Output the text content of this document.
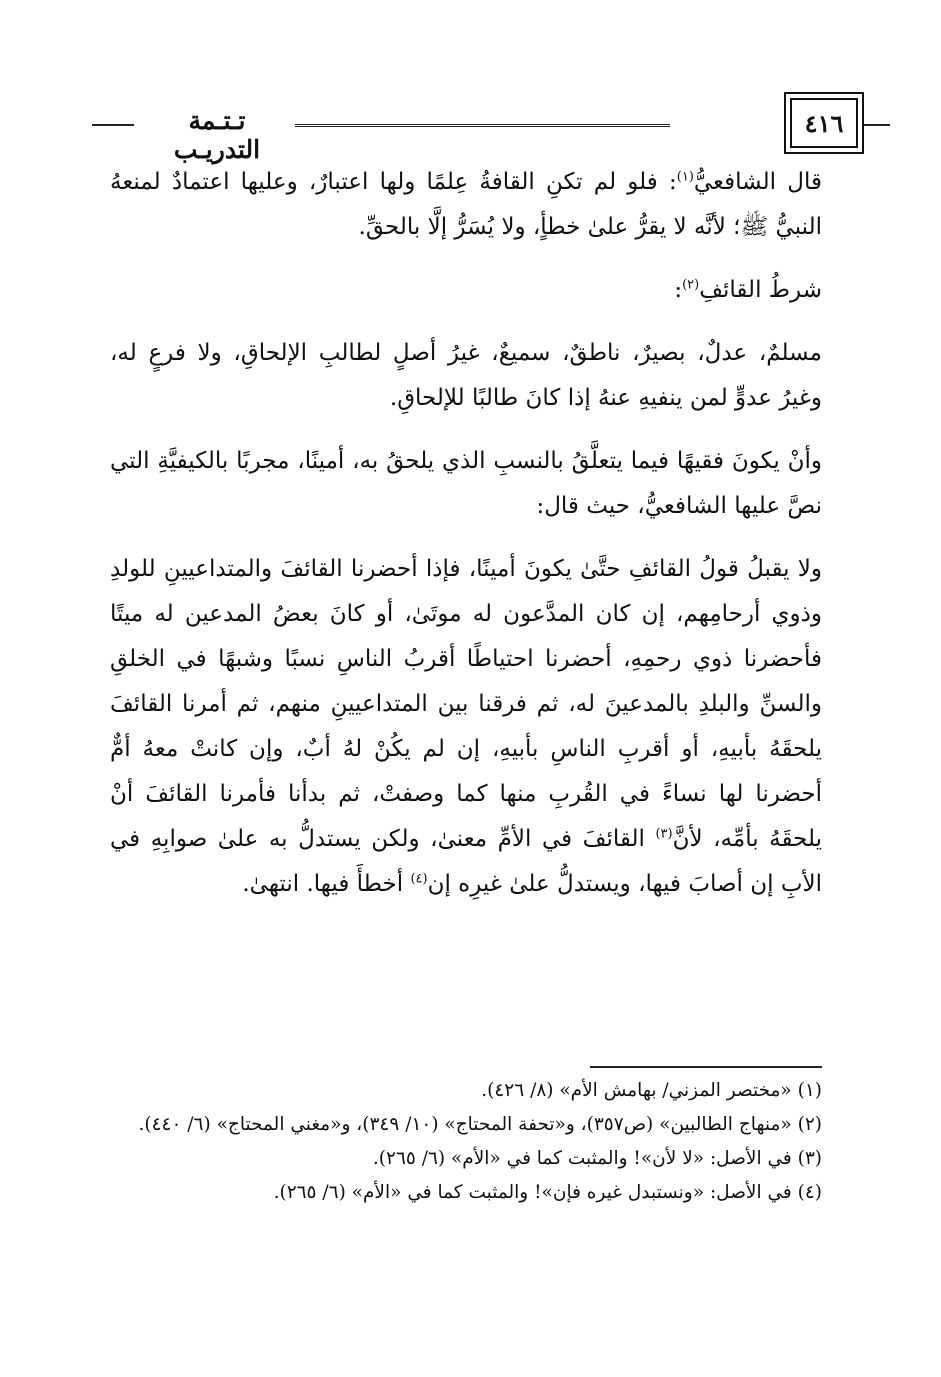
تـتـمة التدريـب
٤١٦

قال الشافعيُّ$^{(١)}$: فلو لم تكنِ القافةُ عِلمًا ولها اعتبارٌ، وعليها اعتمادٌ لمنعهُ النبيُّ ﷺ؛ لأنَّه لا يقرُّ علىٰ خطأٍ، ولا يُسَرُّ إلَّا بالحقِّ.

شرطُ القائفِ$^{(٢)}$:

مسلمٌ، عدلٌ، بصيرٌ، ناطقٌ، سميعٌ، غيرُ أصلٍ لطالبِ الإلحاقِ، ولا فرعٍ له، وغيرُ عدوٍّ لمن ينفيهِ عنهُ إذا كانَ طالبًا للإلحاقِ.

وأنْ يكونَ فقيهًا فيما يتعلَّقُ بالنسبِ الذي يلحقُ به، أمينًا، مجربًا بالكيفيَّةِ التي نصَّ عليها الشافعيُّ، حيث قال:

ولا يقبلُ قولُ القائفِ حتَّىٰ يكونَ أمينًا، فإذا أحضرنا القائفَ والمتداعيينِ للولدِ وذوي أرحامِهم، إن كان المدَّعون له موتَىٰ، أو كانَ بعضُ المدعين له ميتًا فأحضرنا ذوي رحمِهِ، أحضرنا احتياطًا أقربُ الناسِ نسبًا وشبهًا في الخلقِ والسنِّ والبلدِ بالمدعينَ له، ثم فرقنا بين المتداعيينِ منهم، ثم أمرنا القائفَ يلحقَهُ بأبيهِ، أو أقربِ الناسِ بأبيهِ، إن لم يكُنْ لهُ أبٌ، وإن كانتْ معهُ أمٌّ أحضرنا لها نساءً في القُربِ منها كما وصفتْ، ثم بدأنا فأمرنا القائفَ أنْ يلحقَهُ بأمِّه، لأنَّ$^{(٣)}$ القائفَ في الأمِّ معنىٰ، ولكن يستدلُّ به علىٰ صوابِهِ في الأبِ إن أصابَ فيها، ويستدلُّ علىٰ غيرِه إن$^{(٤)}$ أخطأَ فيها. انتهىٰ.

(١) «مختصر المزني/ بهامش الأم» (٨/ ٤٢٦).

(٢) «منهاج الطالبين» (ص٣٥٧)، و«تحفة المحتاج» (١٠/ ٣٤٩)، و«مغني المحتاج» (٦/ ٤٤٠).

(٣) في الأصل: «لا لأن»! والمثبت كما في «الأم» (٦/ ٢٦٥).

(٤) في الأصل: «ونستبدل غيره فإن»! والمثبت كما في «الأم» (٦/ ٢٦٥).
